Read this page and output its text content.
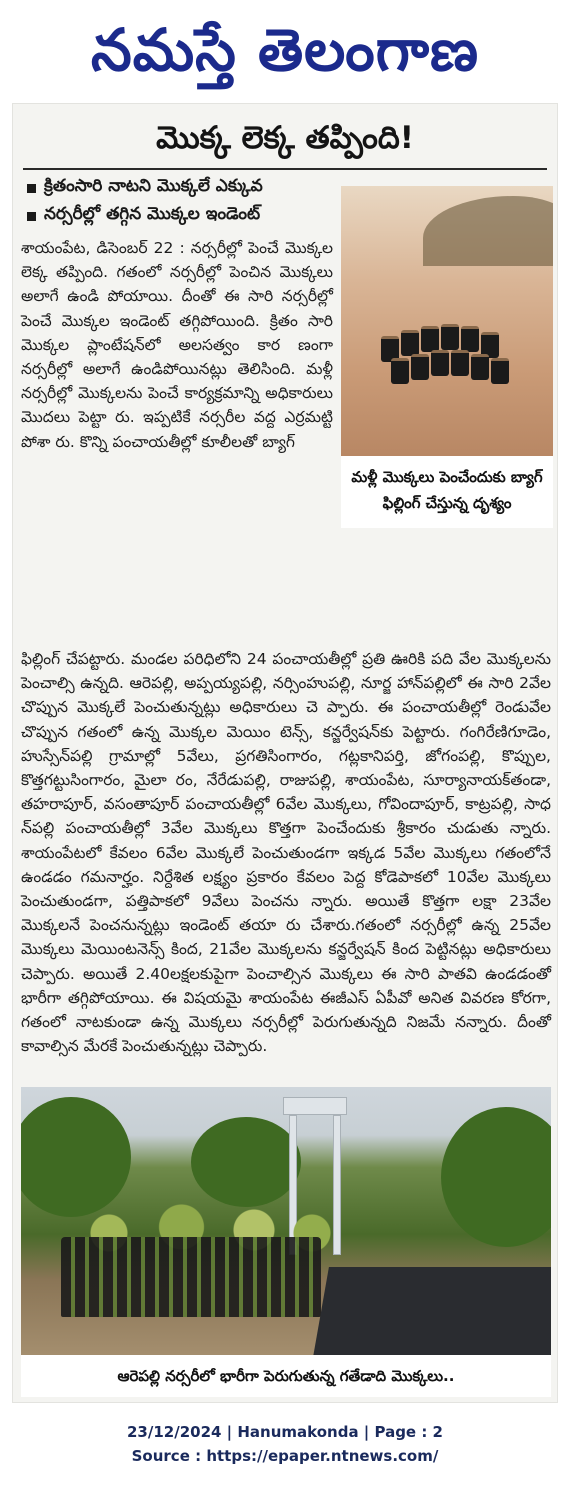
నమస్తే తెలంగాణ
మొక్క లెక్క తప్పింది!
క్రితంసారి నాటని మొక్కలే ఎక్కువ
నర్సరీల్లో తగ్గిన మొక్కల ఇండెంట్
మళ్లీ మొక్కలు పెంచేందుకు బ్యాగ్ ఫిల్లింగ్ చేస్తున్న దృశ్యం

శాయంపేట, డిసెంబర్ 22 : నర్సరీల్లో పెంచే మొక్కల లెక్క తప్పింది. గతంలో నర్సరీల్లో పెంచిన మొక్కలు అలాగే ఉండి పోయాయి. దీంతో ఈ సారి నర్సరీల్లో పెంచే మొక్కల ఇండెంట్ తగ్గిపోయింది. క్రితం సారి మొక్కల ప్లాంటేషన్‌లో అలసత్వం కార ణంగా నర్సరీల్లో అలాగే ఉండిపోయినట్లు తెలిసింది. మళ్లీ నర్సరీల్లో మొక్కలను పెంచే కార్యక్రమాన్ని అధికారులు మొదలు పెట్టా రు. ఇప్పటికే నర్సరీల వద్ద ఎర్రమట్టి పోశా రు. కొన్ని పంచాయతీల్లో కూలీలతో బ్యాగ్

ఫిల్లింగ్ చేపట్టారు. మండల పరిధిలోని 24 పంచాయతీల్లో ప్రతి ఊరికి పది వేల మొక్కలను పెంచాల్సి ఉన్నది. ఆరెపల్లి, అప్పయ్యపల్లి, నర్సింహుపల్లి, నూర్జ హాన్‌పల్లిలో ఈ సారి 2వేల చొప్పున మొక్కలే పెంచుతున్నట్లు అధికారులు చె ప్పారు. ఈ పంచాయతీల్లో రెండువేల చొప్పున గతంలో ఉన్న మొక్కల మెయిం టెన్స్, కన్జర్వేషన్‌కు పెట్టారు. గంగిరేణిగూడెం, హుస్సేన్‌పల్లి గ్రామాల్లో 5వేలు, ప్రగతిసింగారం, గట్లకానిపర్తి, జోగంపల్లి, కొప్పుల, కొత్తగట్టుసింగారం, మైలా రం, నేరేడుపల్లి, రాజుపల్లి, శాయంపేట, సూర్యానాయక్‌తండా, తహరాపూర్, వసంతాపూర్ పంచాయతీల్లో 6వేల మొక్కలు, గోవిందాపూర్, కాట్రపల్లి, సాధ న్‌పల్లి పంచాయతీల్లో 3వేల మొక్కలు కొత్తగా పెంచేందుకు శ్రీకారం చుడుతు న్నారు. శాయంపేటలో కేవలం 6వేల మొక్కలే పెంచుతుండగా ఇక్కడ 5వేల మొక్కలు గతంలోనే ఉండడం గమనార్హం. నిర్దేశిత లక్ష్యం ప్రకారం కేవలం పెద్ద కోడెపాకలో 10వేల మొక్కలు పెంచుతుండగా, పత్తిపాకలో 9వేలు పెంచను న్నారు. అయితే కొత్తగా లక్షా 23వేల మొక్కలనే పెంచనున్నట్లు ఇండెంట్ తయా రు చేశారు.గతంలో నర్సరీల్లో ఉన్న 25వేల మొక్కలు మెయింటనెన్స్ కింద, 21వేల మొక్కలను కన్జర్వేషన్ కింద పెట్టినట్లు అధికారులు చెప్పారు. అయితే 2.40లక్షలకుపైగా పెంచాల్సిన మొక్కలు ఈ సారి పాతవి ఉండడంతో భారీగా తగ్గిపోయాయి. ఈ విషయమై శాయంపేట ఈజీఎస్ ఏపీవో అనిత వివరణ కోరగా, గతంలో నాటకుండా ఉన్న మొక్కలు నర్సరీల్లో పెరుగుతున్నది నిజమే నన్నారు. దీంతో కావాల్సిన మేరకే పెంచుతున్నట్లు చెప్పారు.

ఆరెపల్లి నర్సరీలో భారీగా పెరుగుతున్న గతేడాది మొక్కలు..
23/12/2024 | Hanumakonda | Page : 2
Source : https://epaper.ntnews.com/
